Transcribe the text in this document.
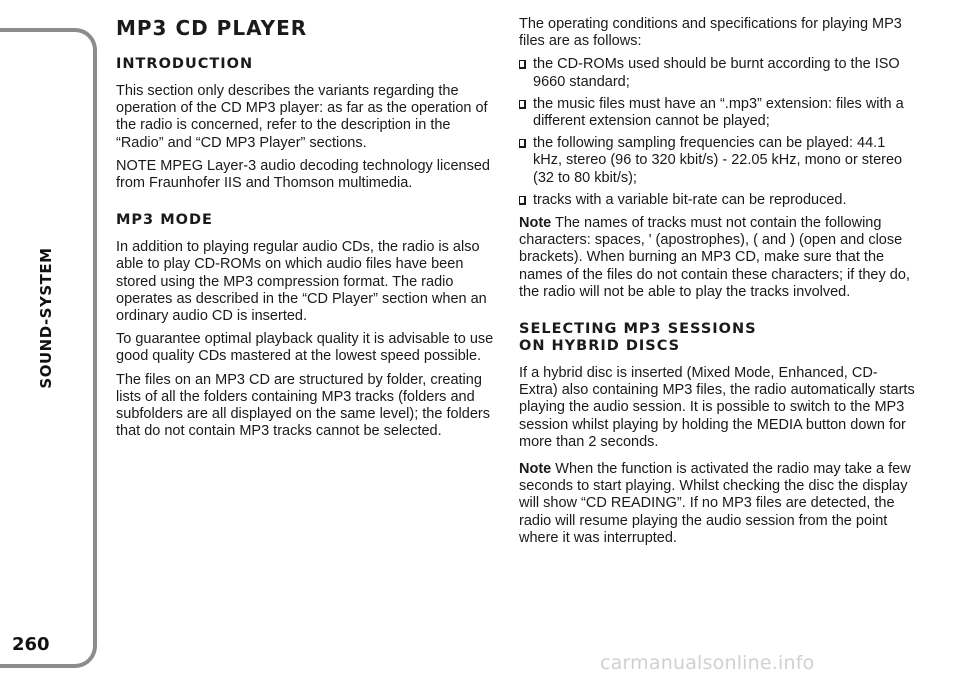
SOUND-SYSTEM
260
MP3 CD PLAYER
INTRODUCTION

This section only describes the variants regarding the operation of the CD MP3 player: as far as the operation of the radio is concerned, refer to the description in the “Radio” and “CD MP3 Player” sections.

NOTE MPEG Layer-3 audio decoding technology licensed from Fraunhofer IIS and Thomson multimedia.

MP3 MODE

In addition to playing regular audio CDs, the radio is also able to play CD-ROMs on which audio files have been stored using the MP3 compression format. The radio operates as described in the “CD Player” section when an ordinary audio CD is inserted.

To guarantee optimal playback quality it is advisable to use good quality CDs mastered at the lowest speed possible.

The files on an MP3 CD are structured by folder, creating lists of all the folders containing MP3 tracks (folders and subfolders are all displayed on the same level); the folders that do not contain MP3 tracks cannot be selected.

The operating conditions and specifications for playing MP3 files are as follows:

the CD-ROMs used should be burnt according to the ISO 9660 standard;
the music files must have an “.mp3” extension: files with a different extension cannot be played;
the following sampling frequencies can be played: 44.1 kHz, stereo (96 to 320 kbit/s) - 22.05 kHz, mono or stereo (32 to 80 kbit/s);
tracks with a variable bit-rate can be reproduced.
Note The names of tracks must not contain the following characters: spaces, ' (apostrophes), ( and ) (open and close brackets). When burning an MP3 CD, make sure that the names of the files do not contain these characters; if they do, the radio will not be able to play the tracks involved.
SELECTING MP3 SESSIONS
ON HYBRID DISCS

If a hybrid disc is inserted (Mixed Mode, Enhanced, CD-Extra) also containing MP3 files, the radio automatically starts playing the audio session. It is possible to switch to the MP3 session whilst playing by holding the MEDIA button down for more than 2 seconds.

Note When the function is activated the radio may take a few seconds to start playing. Whilst checking the disc the display will show “CD READING”. If no MP3 files are detected, the radio will resume playing the audio session from the point where it was interrupted.
carmanualsonline.info
